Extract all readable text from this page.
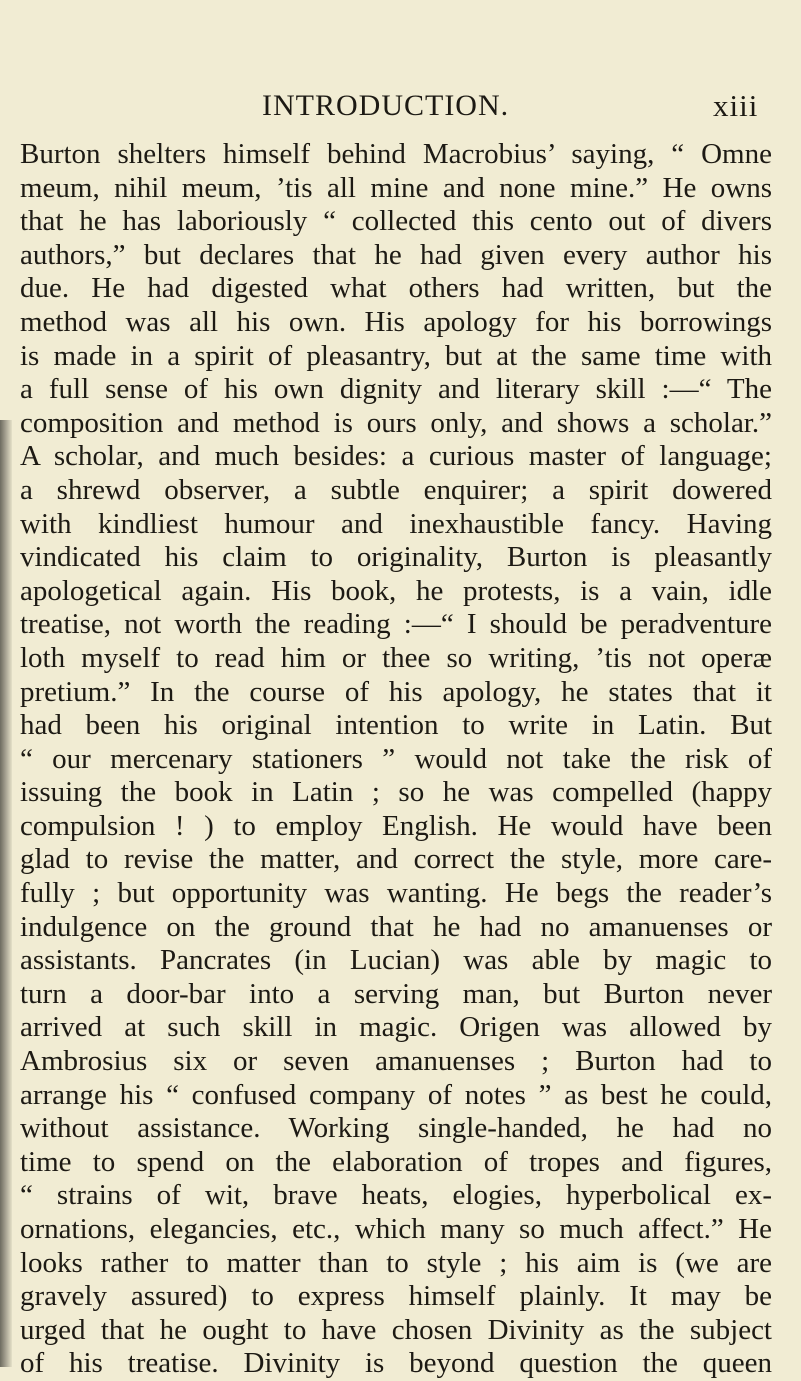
INTRODUCTION.	xiii
Burton shelters himself behind Macrobius’ saying, “ Omne
meum, nihil meum, ’tis all mine and none mine.” He owns
that he has laboriously “ collected this cento out of divers
authors,” but declares that he had given every author his
due. He had digested what others had written, but the
method was all his own. His apology for his borrowings
is made in a spirit of pleasantry, but at the same time with
a full sense of his own dignity and literary skill :—“ The
composition and method is ours only, and shows a scholar.”
A scholar, and much besides: a curious master of language;
a shrewd observer, a subtle enquirer; a spirit dowered
with kindliest humour and inexhaustible fancy. Having
vindicated his claim to originality, Burton is pleasantly
apologetical again. His book, he protests, is a vain, idle
treatise, not worth the reading :—“ I should be peradventure
loth myself to read him or thee so writing, ’tis not operæ
pretium.” In the course of his apology, he states that it
had been his original intention to write in Latin. But
“ our mercenary stationers ” would not take the risk of
issuing the book in Latin ; so he was compelled (happy
compulsion ! ) to employ English. He would have been
glad to revise the matter, and correct the style, more care-
fully ; but opportunity was wanting. He begs the reader’s
indulgence on the ground that he had no amanuenses or
assistants. Pancrates (in Lucian) was able by magic to
turn a door-bar into a serving man, but Burton never
arrived at such skill in magic. Origen was allowed by
Ambrosius six or seven amanuenses ; Burton had to
arrange his “ confused company of notes ” as best he could,
without assistance. Working single-handed, he had no
time to spend on the elaboration of tropes and figures,
“ strains of wit, brave heats, elogies, hyperbolical ex-
ornations, elegancies, etc., which many so much affect.” He
looks rather to matter than to style ; his aim is (we are
gravely assured) to express himself plainly. It may be
urged that he ought to have chosen Divinity as the subject
of his treatise. Divinity is beyond question the queen
